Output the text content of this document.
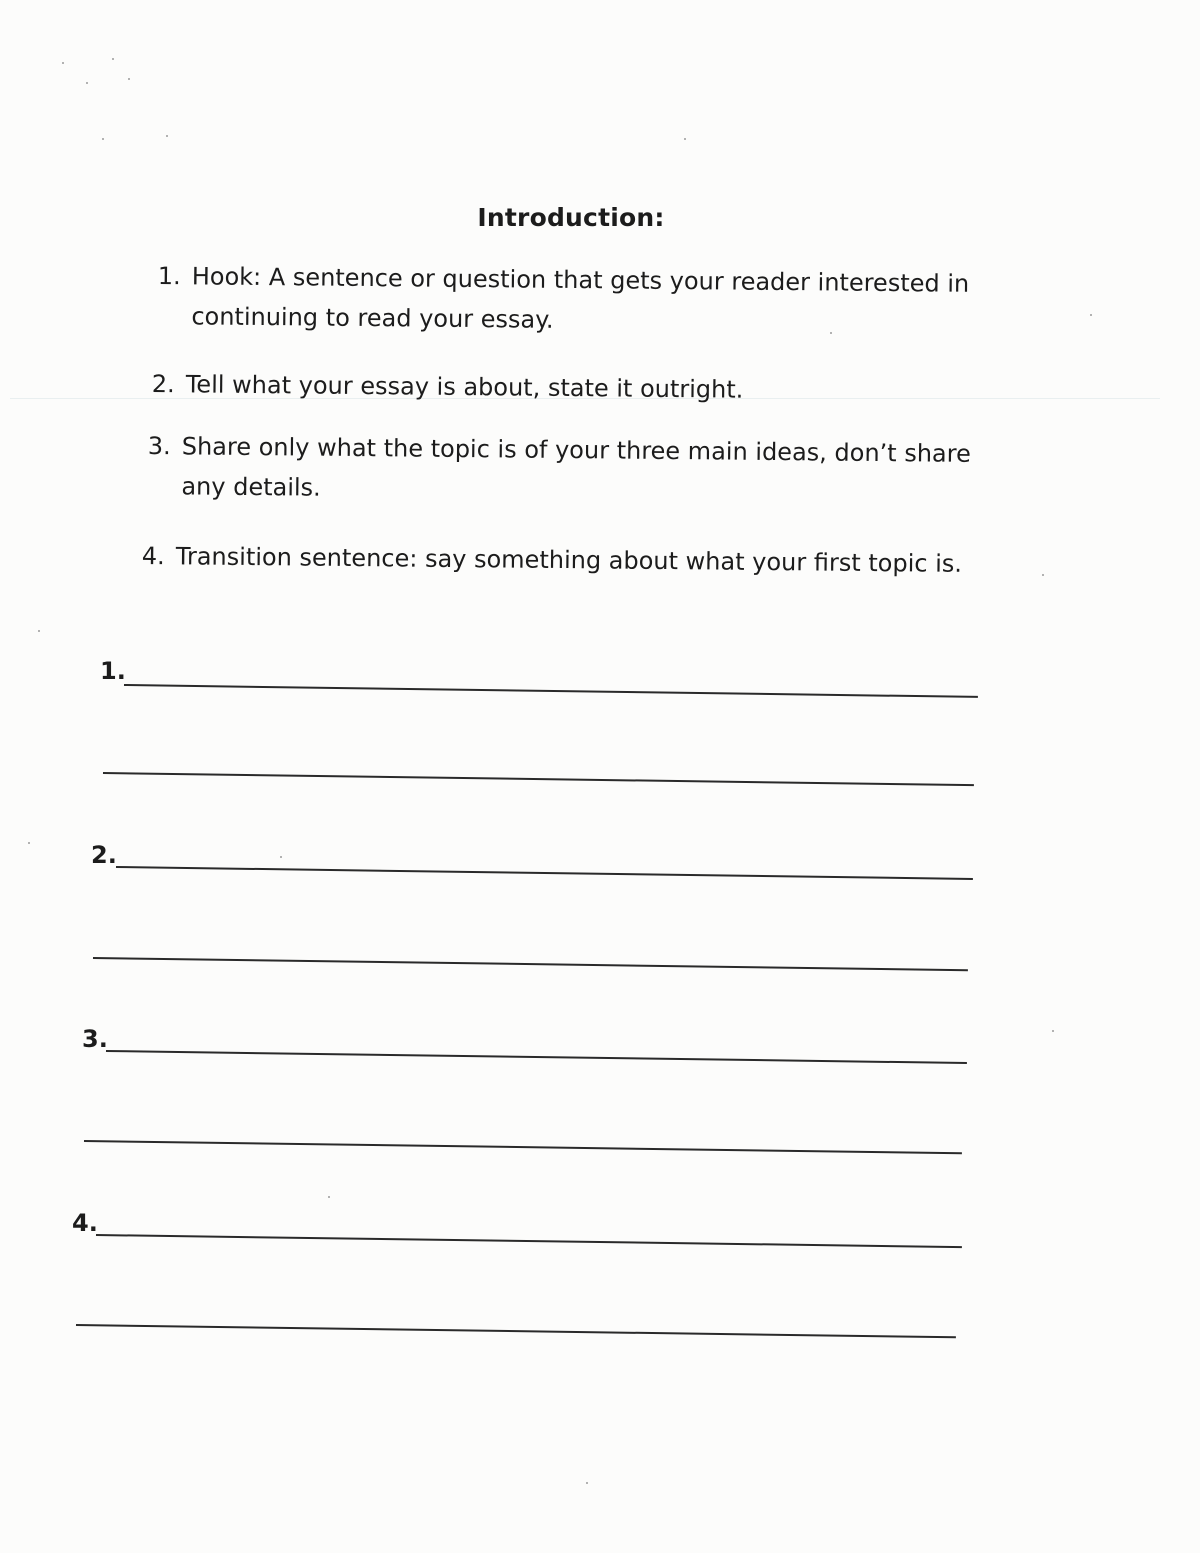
Introduction:
1. Hook: A sentence or question that gets your reader interested in continuing to read your essay.
2. Tell what your essay is about, state it outright.
3. Share only what the topic is of your three main ideas, don’t share any details.
4. Transition sentence: say something about what your first topic is.
1.
2.
3.
4.
